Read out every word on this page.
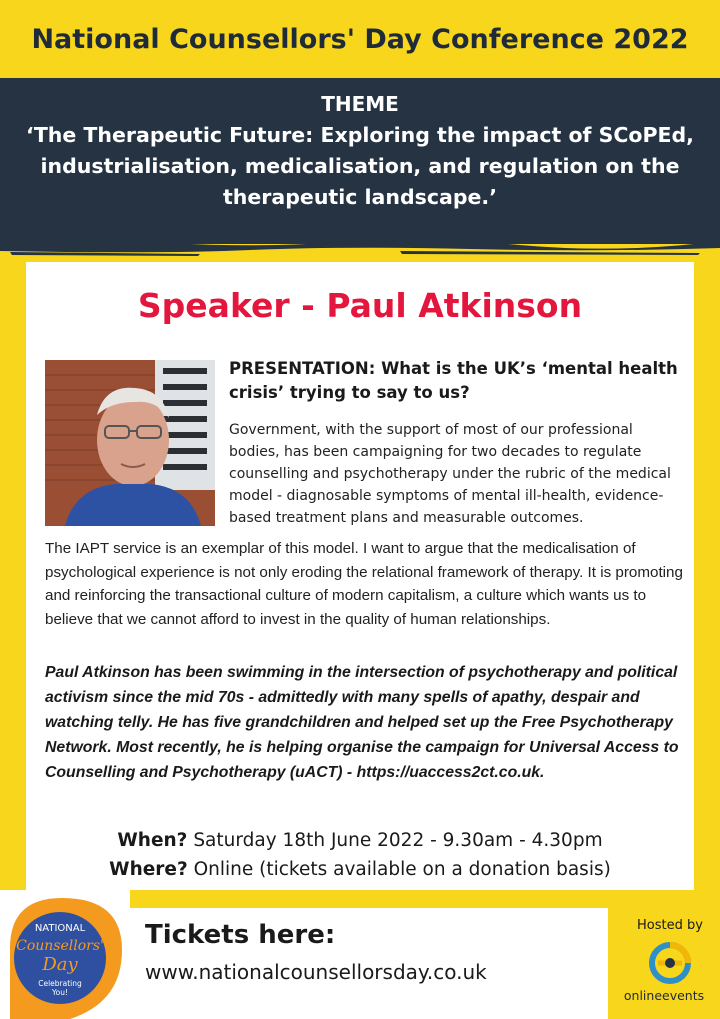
National Counsellors' Day Conference 2022
THEME
‘The Therapeutic Future: Exploring the impact of SCoPEd, industrialisation, medicalisation, and regulation on the therapeutic landscape.’
Speaker - Paul Atkinson
PRESENTATION: What is the UK’s ‘mental health crisis’ trying to say to us?
Government, with the support of most of our professional bodies, has been campaigning for two decades to regulate counselling and psychotherapy under the rubric of the medical model - diagnosable symptoms of mental ill-health, evidence-based treatment plans and measurable outcomes.
The IAPT service is an exemplar of this model. I want to argue that the medicalisation of psychological experience is not only eroding the relational framework of therapy. It is promoting and reinforcing the transactional culture of modern capitalism, a culture which wants us to believe that we cannot afford to invest in the quality of human relationships.
Paul Atkinson has been swimming in the intersection of psychotherapy and political activism since the mid 70s - admittedly with many spells of apathy, despair and watching telly. He has five grandchildren and helped set up the Free Psychotherapy Network. Most recently, he is helping organise the campaign for Universal Access to Counselling and Psychotherapy (uACT) - https://uaccess2ct.co.uk.
When? Saturday 18th June 2022 - 9.30am - 4.30pm
Where? Online (tickets available on a donation basis)
Tickets here:
www.nationalcounsellorsday.co.uk
NATIONAL
Counsellors'
Day
Celebrating
You!
Hosted by
onlineevents
